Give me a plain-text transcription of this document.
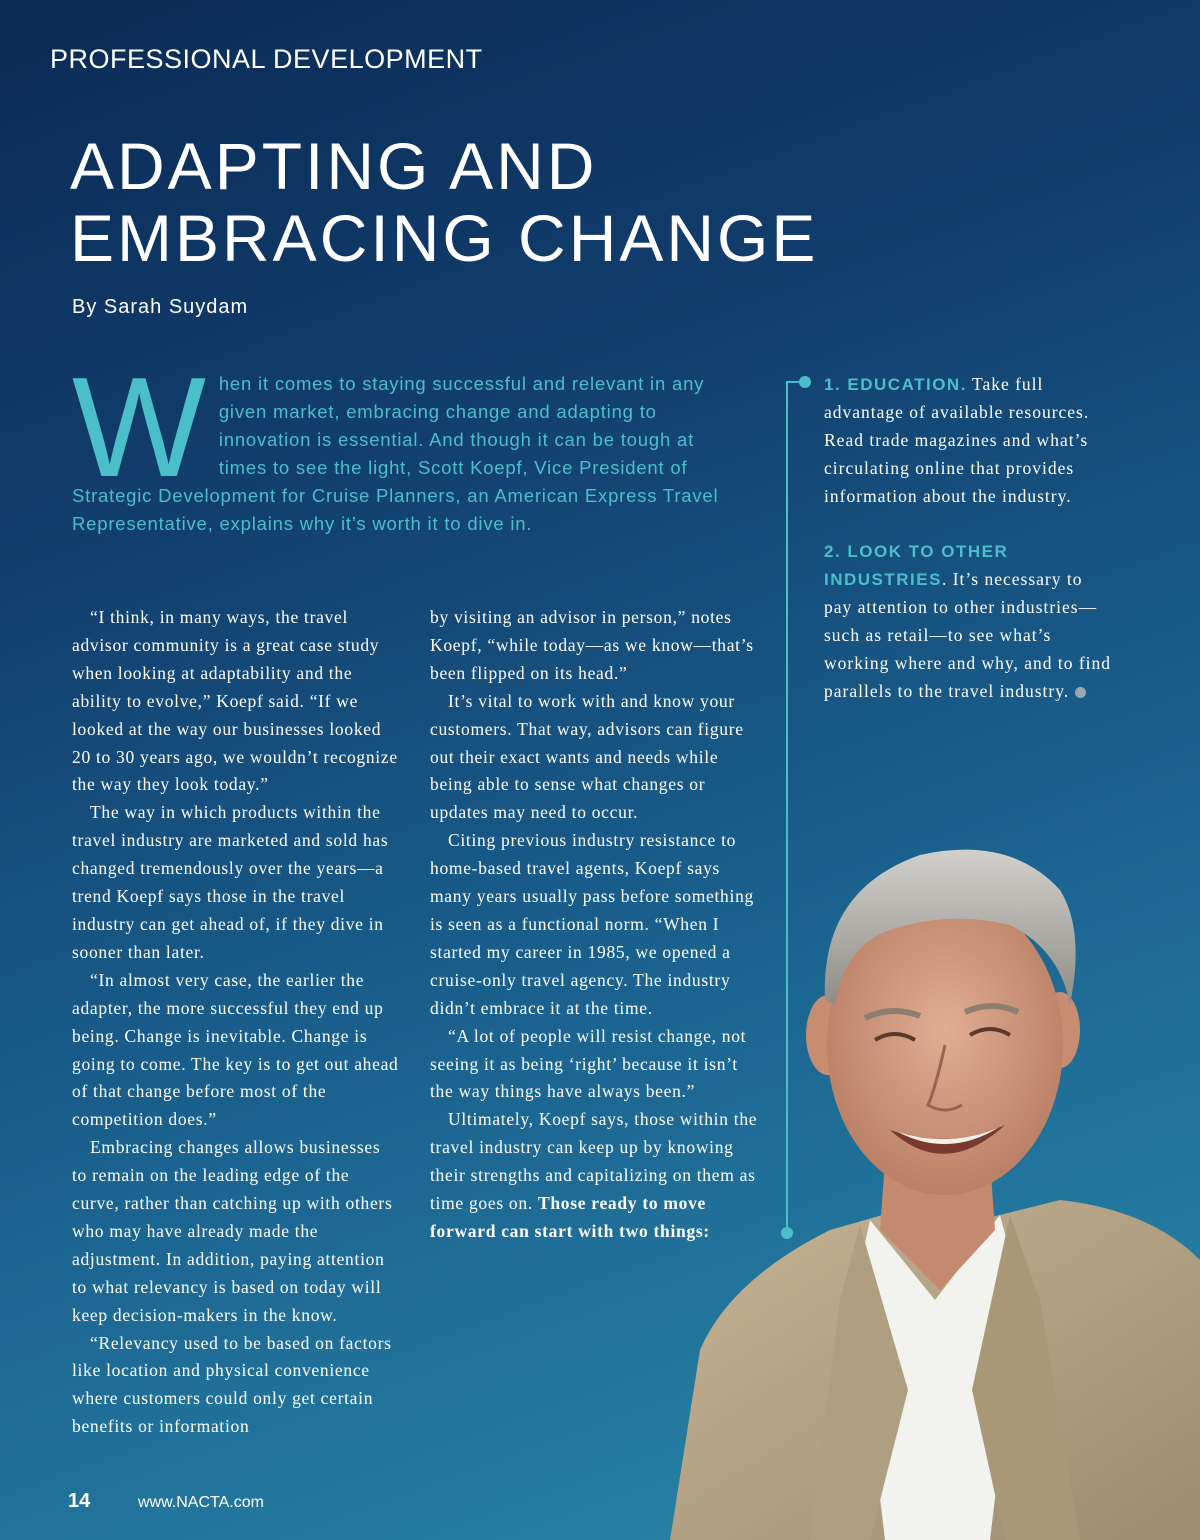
PROFESSIONAL DEVELOPMENT
ADAPTING AND
EMBRACING CHANGE
By Sarah Suydam
W hen it comes to staying successful and relevant in any given market, embracing change and adapting to innovation is essential. And though it can be tough at times to see the light, Scott Koepf, Vice President of Strategic Development for Cruise Planners, an American Express Travel Representative, explains why it’s worth it to dive in.

“I think, in many ways, the travel advisor community is a great case study when looking at adaptability and the ability to evolve,” Koepf said. “If we looked at the way our businesses looked 20 to 30 years ago, we wouldn’t recognize the way they look today.”

The way in which products within the travel industry are marketed and sold has changed tremendously over the years—a trend Koepf says those in the travel industry can get ahead of, if they dive in sooner than later.

“In almost very case, the earlier the adapter, the more successful they end up being. Change is inevitable. Change is going to come. The key is to get out ahead of that change before most of the competition does.”

Embracing changes allows businesses to remain on the leading edge of the curve, rather than catching up with others who may have already made the adjustment. In addition, paying attention to what relevancy is based on today will keep decision-makers in the know.

“Relevancy used to be based on factors like location and physical convenience where customers could only get certain benefits or information

by visiting an advisor in person,” notes Koepf, “while today—as we know—that’s been flipped on its head.”

It’s vital to work with and know your customers. That way, advisors can figure out their exact wants and needs while being able to sense what changes or updates may need to occur.

Citing previous industry resistance to home-based travel agents, Koepf says many years usually pass before something is seen as a functional norm. “When I started my career in 1985, we opened a cruise-only travel agency. The industry didn’t embrace it at the time.

“A lot of people will resist change, not seeing it as being ‘right’ because it isn’t the way things have always been.”

Ultimately, Koepf says, those within the travel industry can keep up by knowing their strengths and capitalizing on them as time goes on. Those ready to move forward can start with two things:

1. EDUCATION. Take full advantage of available resources. Read trade magazines and what’s circulating online that provides information about the industry.
2. LOOK TO OTHER INDUSTRIES. It’s necessary to pay attention to other industries—such as retail—to see what’s working where and why, and to find parallels to the travel industry.
14	www.NACTA.com
